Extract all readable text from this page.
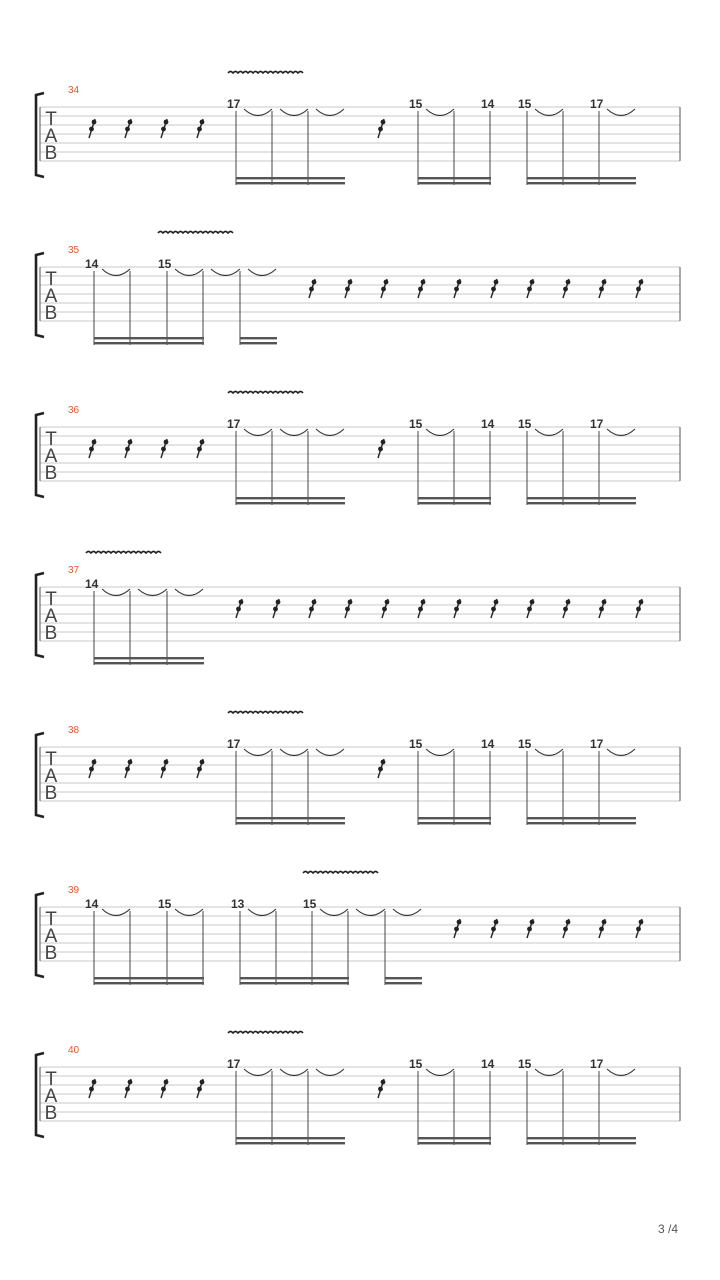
34
T
A
B
17	15	14 15	17
35
T
A
B
14	15
36
T
A
B
17	15	14 15	17
37
T
A
B
14
38
T
A
B
17	15	14 15	17
39
T
A
B
14	15	13	15
40
T
A
B
17	15	14 15	17
3 /4
